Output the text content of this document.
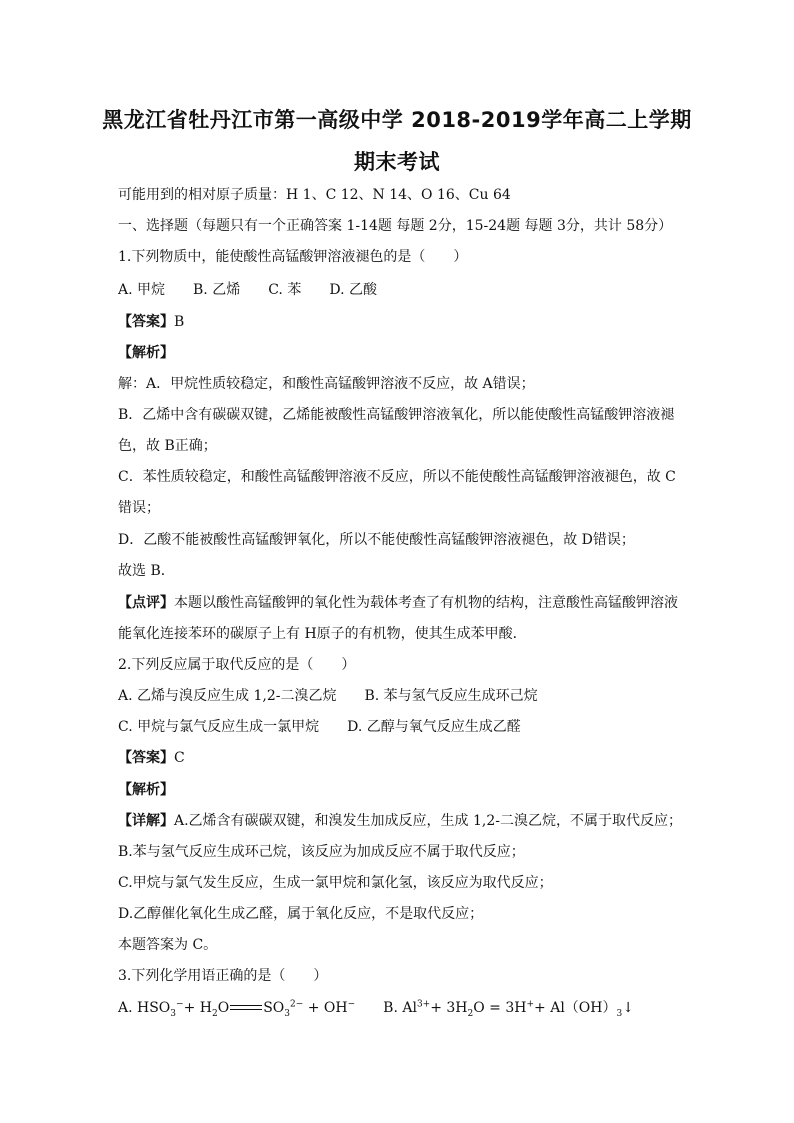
黑龙江省牡丹江市第一高级中学 2018-2019学年高二上学期
期末考试
可能用到的相对原子质量：H 1、C 12、N 14、O 16、Cu 64
一、选择题（每题只有一个正确答案 1-14题 每题 2分，15-24题 每题 3分，共计 58分）
1.下列物质中，能使酸性高锰酸钾溶液褪色的是（　　）
A. 甲烷 B. 乙烯 C. 苯 D. 乙酸
【答案】B
【解析】
解：A．甲烷性质较稳定，和酸性高锰酸钾溶液不反应，故 A错误；
B．乙烯中含有碳碳双键，乙烯能被酸性高锰酸钾溶液氧化，所以能使酸性高锰酸钾溶液褪
色，故 B正确；
C．苯性质较稳定，和酸性高锰酸钾溶液不反应，所以不能使酸性高锰酸钾溶液褪色，故 C
错误；
D．乙酸不能被酸性高锰酸钾氧化，所以不能使酸性高锰酸钾溶液褪色，故 D错误；
故选 B．
【点评】本题以酸性高锰酸钾的氧化性为载体考查了有机物的结构，注意酸性高锰酸钾溶液
能氧化连接苯环的碳原子上有 H原子的有机物，使其生成苯甲酸．
2.下列反应属于取代反应的是（　　）
A. 乙烯与溴反应生成 1,2-二溴乙烷 B. 苯与氢气反应生成环己烷
C. 甲烷与氯气反应生成一氯甲烷 D. 乙醇与氧气反应生成乙醛
【答案】C
【解析】
【详解】A.乙烯含有碳碳双键，和溴发生加成反应，生成 1,2-二溴乙烷，不属于取代反应；
B.苯与氢气反应生成环己烷，该反应为加成反应不属于取代反应；
C.甲烷与氯气发生反应，生成一氯甲烷和氯化氢，该反应为取代反应；
D.乙醇催化氧化生成乙醛，属于氧化反应，不是取代反应；
本题答案为 C。
3.下列化学用语正确的是（　　）
A. $HSO_3^-+ H_2O$ $SO_3^{2-} + OH^-$ B. $Al^{3+}+ 3H_2O = 3H^++$ $Al(OH)_3↓$
